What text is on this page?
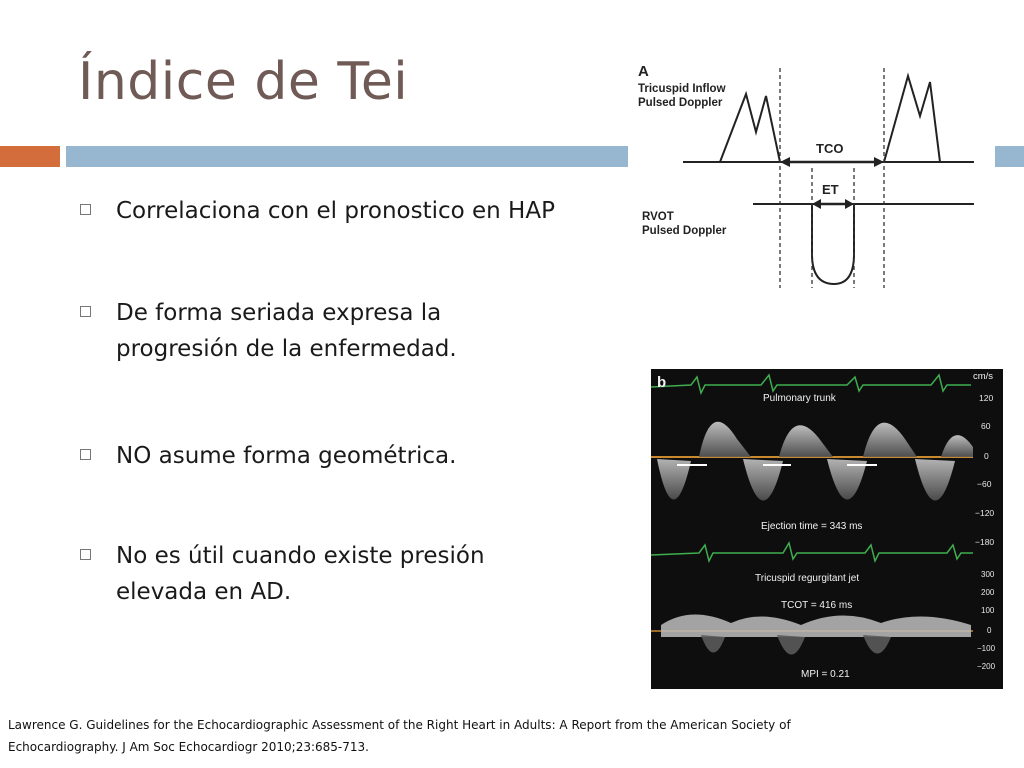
Índice de Tei
Correlaciona con el pronostico en HAP
De forma seriada expresa la
progresión de la enfermedad.
NO asume forma geométrica.
No es útil cuando existe presión
elevada en AD.
A
Tricuspid Inflow
Pulsed Doppler
RVOT
Pulsed Doppler
TCO
ET
b	cm/s
Pulmonary trunk
Ejection time = 343 ms
Tricuspid regurgitant jet
TCOT = 416 ms
MPI = 0.21
120
60
0
−60
−120
−180
300
200
100
0
−100
−200
Lawrence G. Guidelines for the Echocardiographic Assessment of the Right Heart in Adults: A Report from the American Society of
Echocardiography. J Am Soc Echocardiogr 2010;23:685-713.
